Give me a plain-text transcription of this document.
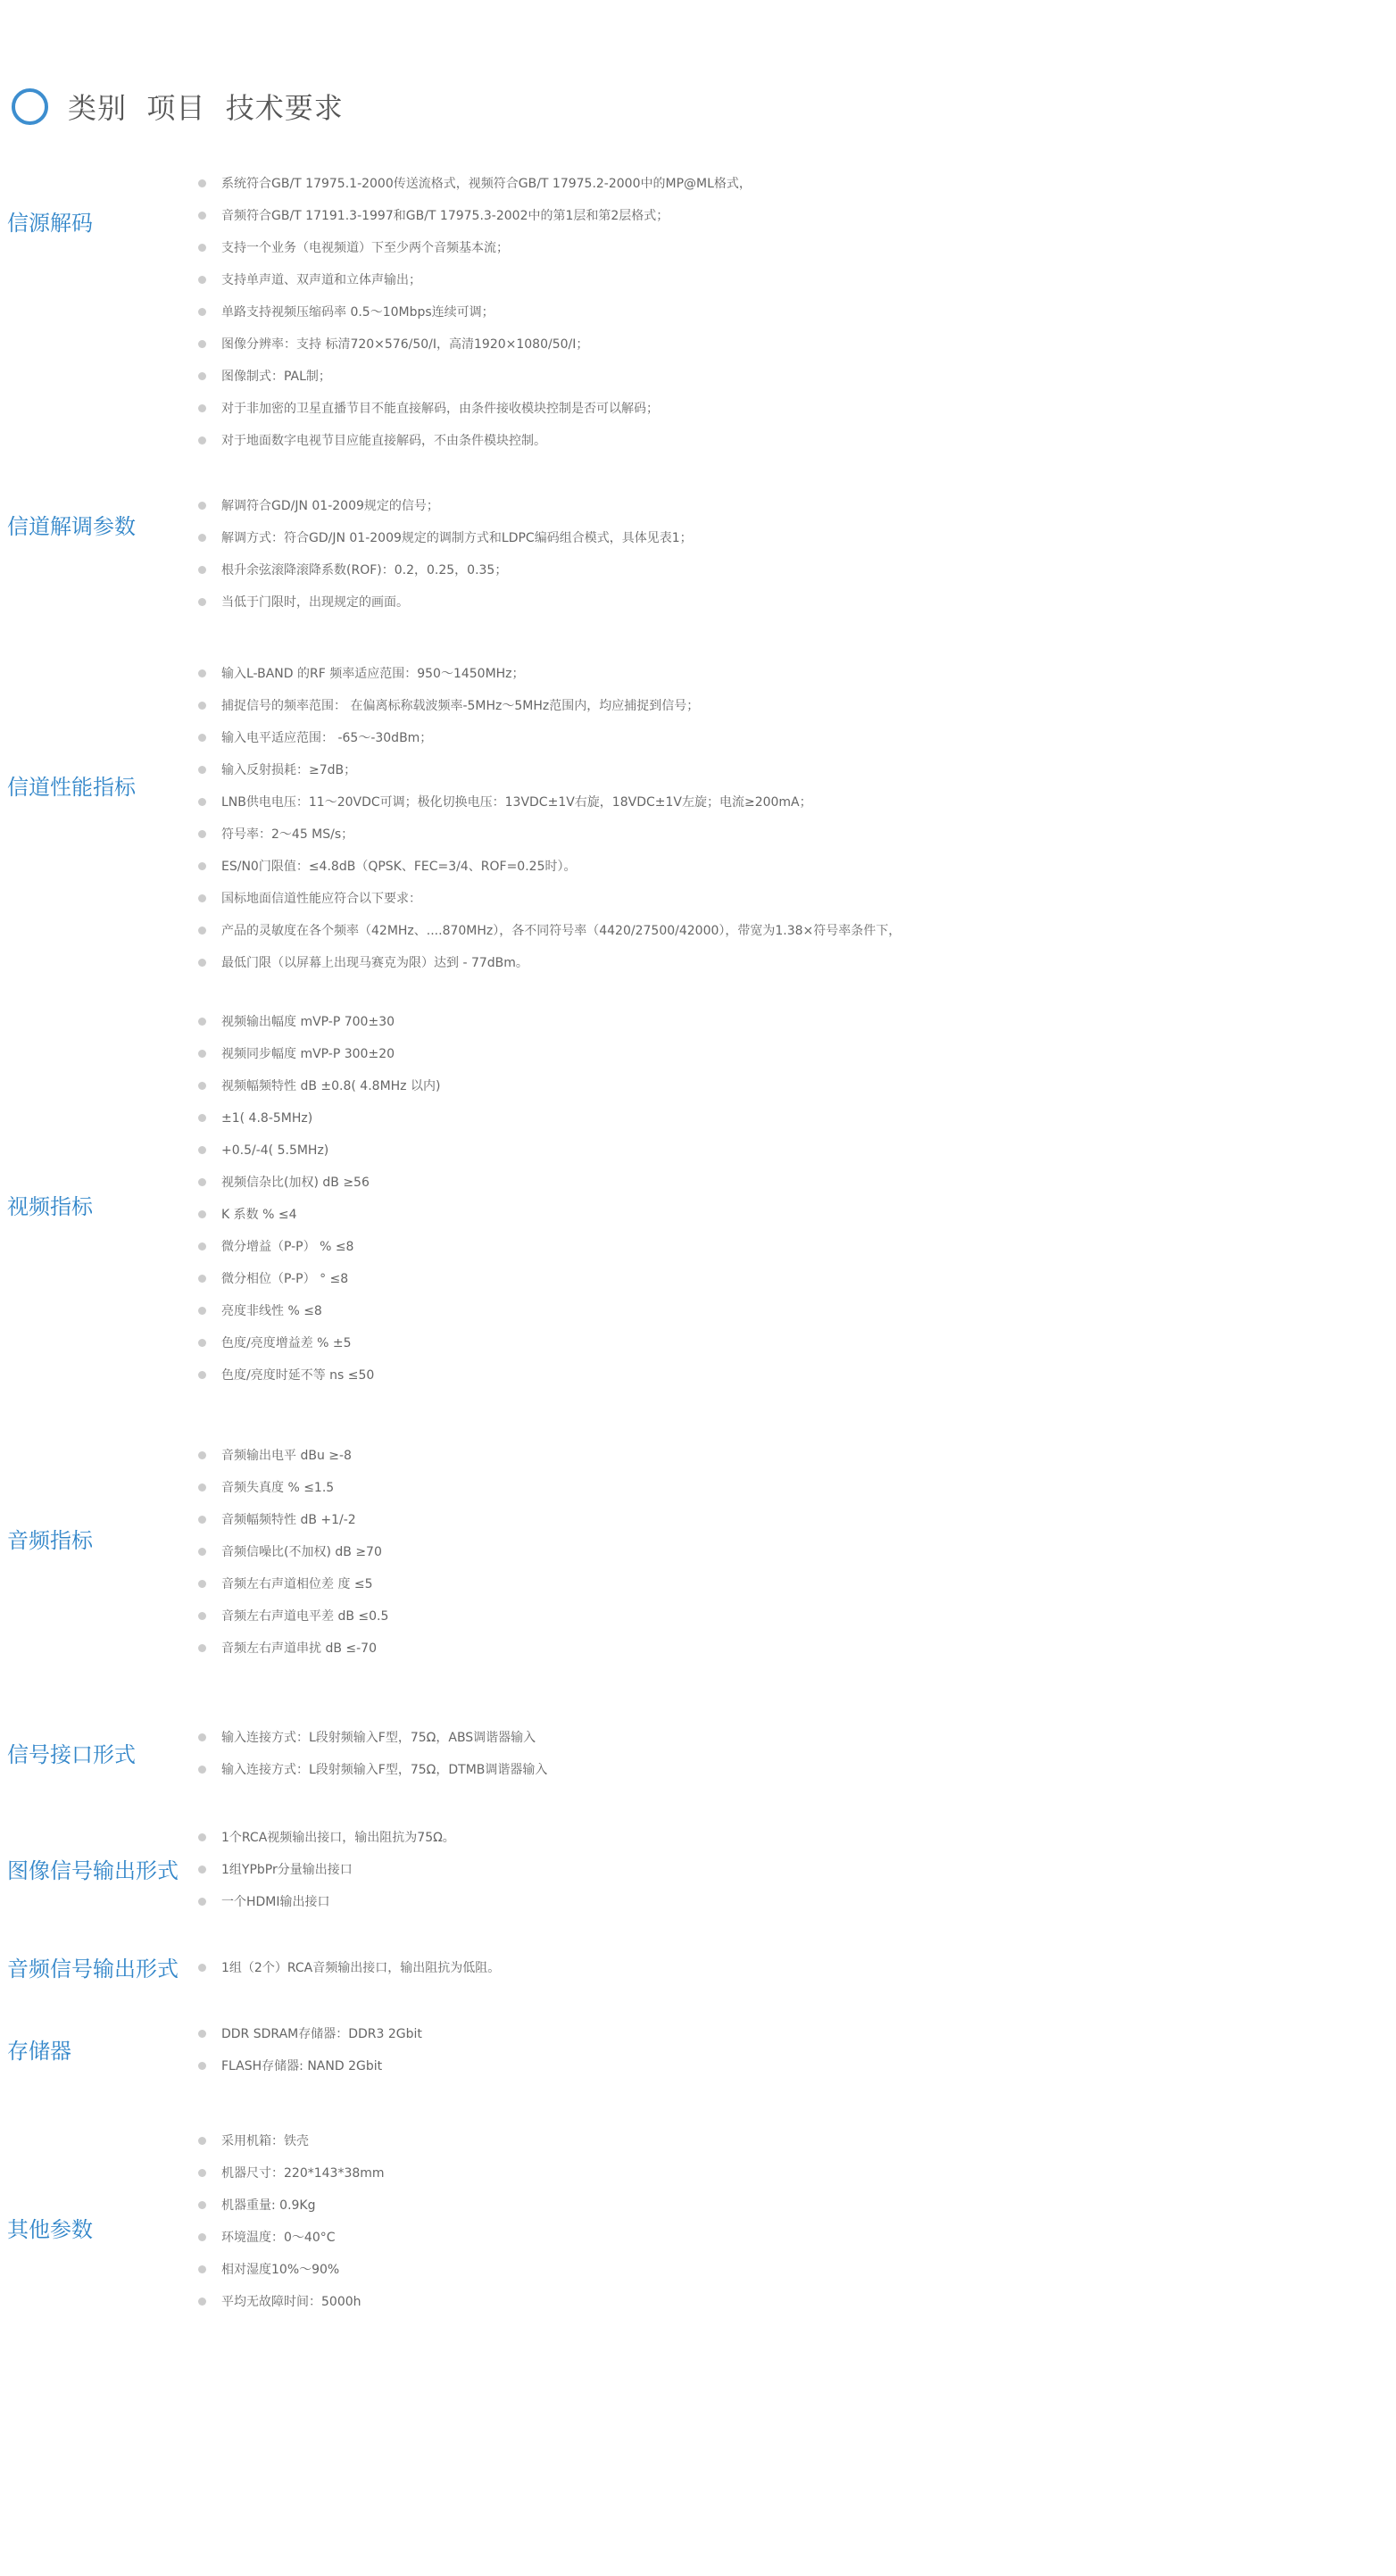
类别  项目  技术要求
信源解码
系统符合GB/T 17975.1-2000传送流格式，视频符合GB/T 17975.2-2000中的MP@ML格式，
音频符合GB/T 17191.3-1997和GB/T 17975.3-2002中的第1层和第2层格式；
支持一个业务（电视频道）下至少两个音频基本流；
支持单声道、双声道和立体声输出；
单路支持视频压缩码率 0.5～10Mbps连续可调；
图像分辨率：支持 标清720×576/50/I，高清1920×1080/50/I；
图像制式：PAL制；
对于非加密的卫星直播节目不能直接解码，由条件接收模块控制是否可以解码；
对于地面数字电视节目应能直接解码，不由条件模块控制。
信道解调参数
解调符合GD/JN 01-2009规定的信号；
解调方式：符合GD/JN 01-2009规定的调制方式和LDPC编码组合模式，具体见表1；
根升余弦滚降滚降系数(ROF)：0.2，0.25，0.35；
当低于门限时，出现规定的画面。
信道性能指标
输入L-BAND 的RF 频率适应范围：950～1450MHz；
捕捉信号的频率范围： 在偏离标称载波频率-5MHz～5MHz范围内，均应捕捉到信号；
输入电平适应范围： -65～-30dBm；
输入反射损耗：≥7dB；
LNB供电电压：11～20VDC可调；极化切换电压：13VDC±1V右旋，18VDC±1V左旋；电流≥200mA；
符号率：2～45 MS/s；
ES/N0门限值：≤4.8dB（QPSK、FEC=3/4、ROF=0.25时）。
国标地面信道性能应符合以下要求：
产品的灵敏度在各个频率（42MHz、....870MHz），各不同符号率（4420/27500/42000），带宽为1.38×符号率条件下，
最低门限（以屏幕上出现马赛克为限）达到 - 77dBm。
视频指标
视频输出幅度 mVP-P 700±30
视频同步幅度 mVP-P 300±20
视频幅频特性 dB ±0.8( 4.8MHz 以内)
±1( 4.8-5MHz)
+0.5/-4( 5.5MHz)
视频信杂比(加权) dB ≥56
K 系数 % ≤4
微分增益（P-P） % ≤8
微分相位（P-P） ° ≤8
亮度非线性 % ≤8
色度/亮度增益差 % ±5
色度/亮度时延不等 ns ≤50
音频指标
音频输出电平 dBu ≥-8
音频失真度 % ≤1.5
音频幅频特性 dB +1/-2
音频信噪比(不加权) dB ≥70
音频左右声道相位差 度 ≤5
音频左右声道电平差 dB ≤0.5
音频左右声道串扰 dB ≤-70
信号接口形式
输入连接方式：L段射频输入F型，75Ω，ABS调谐器输入
输入连接方式：L段射频输入F型，75Ω，DTMB调谐器输入
图像信号输出形式
1个RCA视频输出接口，输出阻抗为75Ω。
1组YPbPr分量输出接口
一个HDMI输出接口
音频信号输出形式	1组（2个）RCA音频输出接口，输出阻抗为低阻。
存储器
DDR SDRAM存储器：DDR3 2Gbit
FLASH存储器: NAND 2Gbit
其他参数
采用机箱：铁壳
机器尺寸：220*143*38mm
机器重量: 0.9Kg
环境温度：0～40°C
相对湿度10%～90%
平均无故障时间：5000h
